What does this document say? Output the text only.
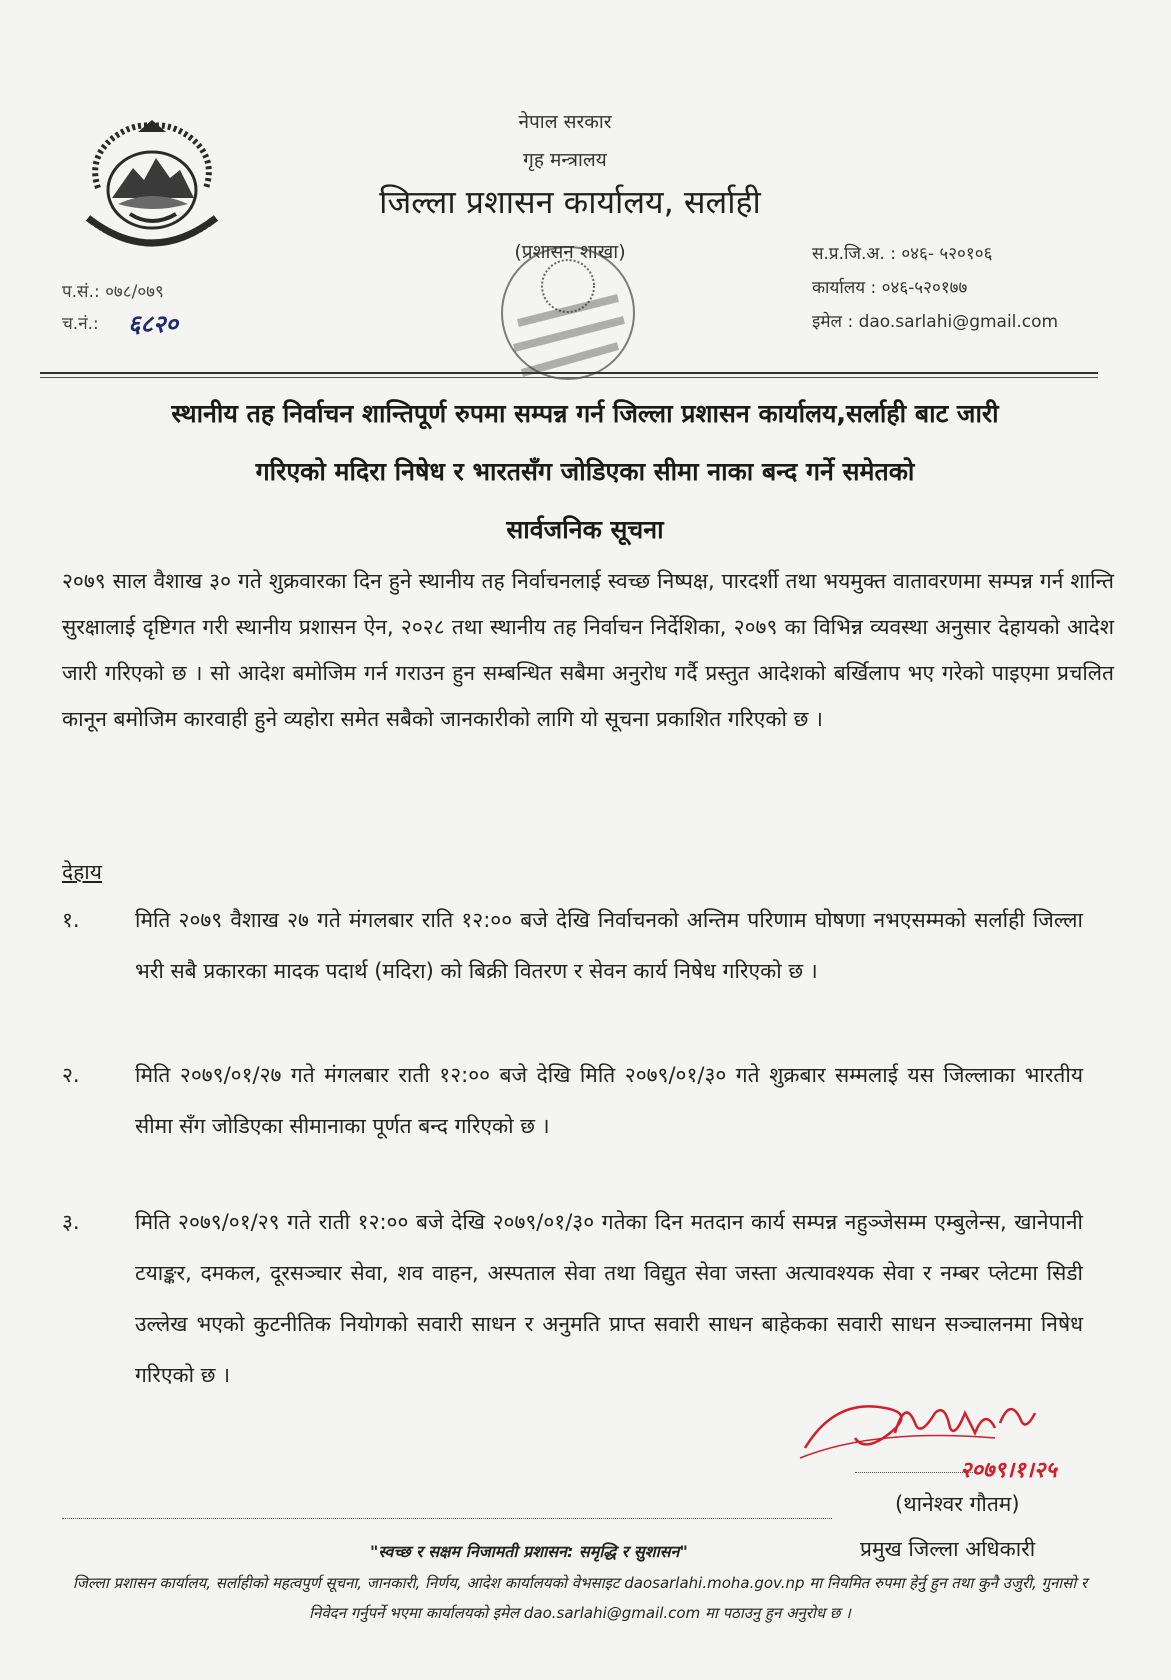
नेपाल सरकार
गृह मन्त्रालय
जिल्ला प्रशासन कार्यालय, सर्लाही
(प्रशासन शाखा)	स.प्र.जि.अ. : ०४६- ५२०१०६
कार्यालय : ०४६-५२०१७७
इमेल : dao.sarlahi@gmail.com
प.सं.: ०७८/०७९
च.नं.:	६८२०
स्थानीय तह निर्वाचन शान्तिपूर्ण रुपमा सम्पन्न गर्न जिल्ला प्रशासन कार्यालय,सर्लाही बाट जारी
गरिएको मदिरा निषेध र भारतसँग जोडिएका सीमा नाका बन्द गर्ने समेतको
सार्वजनिक सूचना
२०७९ साल वैशाख ३० गते शुक्रवारका दिन हुने स्थानीय तह निर्वाचनलाई स्वच्छ निष्पक्ष, पारदर्शी तथा भयमुक्त वातावरणमा सम्पन्न गर्न शान्ति सुरक्षालाई दृष्टिगत गरी स्थानीय प्रशासन ऐन, २०२८ तथा स्थानीय तह निर्वाचन निर्देशिका, २०७९ का विभिन्न व्यवस्था अनुसार देहायको आदेश जारी गरिएको छ । सो आदेश बमोजिम गर्न गराउन हुन सम्बन्धित सबैमा अनुरोध गर्दै प्रस्तुत आदेशको बर्खिलाप भए गरेको पाइएमा प्रचलित कानून बमोजिम कारवाही हुने व्यहोरा समेत सबैको जानकारीको लागि यो सूचना प्रकाशित गरिएको छ ।
देहाय
१.	मिति २०७९ वैशाख २७ गते मंगलबार राति १२:०० बजे देखि निर्वाचनको अन्तिम परिणाम घोषणा नभएसम्मको सर्लाही जिल्ला भरी सबै प्रकारका मादक पदार्थ (मदिरा) को बिक्री वितरण र सेवन कार्य निषेध गरिएको छ ।
२.	मिति २०७९/०१/२७ गते मंगलबार राती १२:०० बजे देखि मिति २०७९/०१/३० गते शुक्रबार सम्मलाई यस जिल्लाका भारतीय सीमा सँग जोडिएका सीमानाका पूर्णत बन्द गरिएको छ ।
३.	मिति २०७९/०१/२९ गते राती १२:०० बजे देखि २०७९/०१/३० गतेका दिन मतदान कार्य सम्पन्न नहुञ्जेसम्म एम्बुलेन्स, खानेपानी टयाङ्कर, दमकल, दूरसञ्चार सेवा, शव वाहन, अस्पताल सेवा तथा विद्युत सेवा जस्ता अत्यावश्यक सेवा र नम्बर प्लेटमा सिडी उल्लेख भएको कुटनीतिक नियोगको सवारी साधन र अनुमति प्राप्त सवारी साधन बाहेकका सवारी साधन सञ्चालनमा निषेध गरिएको छ ।
२०७९।१।२५
(थानेश्वर गौतम)
प्रमुख जिल्ला अधिकारी
"स्वच्छ र सक्षम निजामती प्रशासन: समृद्धि र सुशासन"
जिल्ला प्रशासन कार्यालय, सर्लाहीको महत्वपुर्ण सूचना, जानकारी, निर्णय, आदेश कार्यालयको वेभसाइट daosarlahi.moha.gov.np मा नियमित रुपमा हेर्नु हुन तथा कुनै उजुरी, गुनासो र निवेदन गर्नुपर्ने भएमा कार्यालयको इमेल dao.sarlahi@gmail.com मा पठाउनु हुन अनुरोध छ ।
